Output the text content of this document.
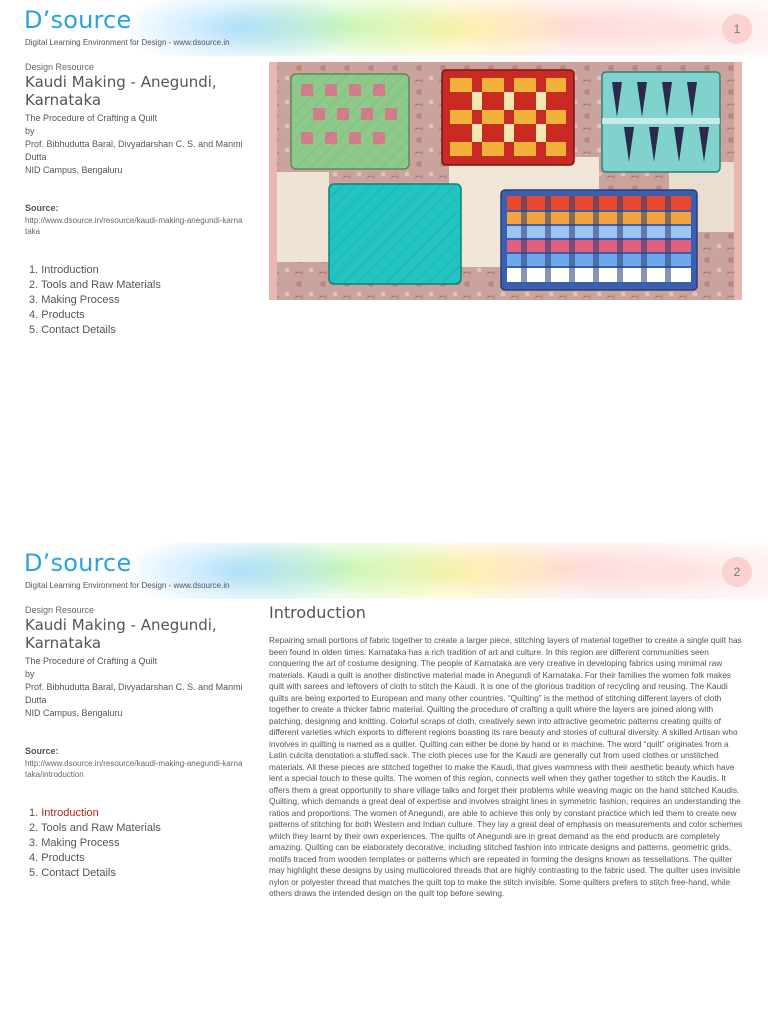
D’source
Digital Learning Environment for Design - www.dsource.in
1
Design Resource
Kaudi Making - Anegundi, Karnataka
The Procedure of Crafting a Quilt
by
Prof. Bibhudutta Baral, Divyadarshan C. S. and Manmi Dutta
NID Campus, Bengaluru
Source:
http://www.dsource.in/resource/kaudi-making-anegundi-karnataka
1. Introduction
2. Tools and Raw Materials
3. Making Process
4. Products
5. Contact Details
D’source
Digital Learning Environment for Design - www.dsource.in
2
Design Resource
Kaudi Making - Anegundi, Karnataka
The Procedure of Crafting a Quilt
by
Prof. Bibhudutta Baral, Divyadarshan C. S. and Manmi Dutta
NID Campus, Bengaluru
Source:
http://www.dsource.in/resource/kaudi-making-anegundi-karnataka/introduction
1. Introduction
2. Tools and Raw Materials
3. Making Process
4. Products
5. Contact Details
Introduction

Repairing small portions of fabric together to create a larger piece, stitching layers of material together to create a single quilt has been found in olden times. Karnataka has a rich tradition of art and culture. In this region are different communities seen conquering the art of costume designing. The people of Karnataka are very creative in developing fabrics using minimal raw materials. Kaudi a quilt is another distinctive material made in Anegundi of Karnataka. For their families the women folk makes quilt with sarees and leftovers of cloth to stitch the Kaudi. It is one of the glorious tradition of recycling and reusing. The Kaudi quilts are being exported to European and many other countries. “Quilting” is the method of stitching different layers of cloth together to create a thicker fabric material. Quilting the procedure of crafting a quilt where the layers are joined along with patching, designing and knitting. Colorful scraps of cloth, creatively sewn into attractive geometric patterns creating quilts of different varieties which exports to different regions boasting its rare beauty and stories of cultural diversity. A skilled Artisan who involves in quilting is named as a quilter. Quilting can either be done by hand or in machine. The word “quilt” originates from a Latin culcita denotation a stuffed sack. The cloth pieces use for the Kaudi are generally cut from used clothes or unstitched materials. All these pieces are stitched together to make the Kaudi, that gives warmness with their aesthetic beauty which have lent a special touch to these quilts. The women of this region, connects well when they gather together to stitch the Kaudis. It offers them a great opportunity to share village talks and forget their problems while weaving magic on the hand stitched Kaudis. Quilting, which demands a great deal of expertise and involves straight lines in symmetric fashion, requires an understanding the ratios and proportions. The women of Anegundi, are able to achieve this only by constant practice which led them to create new patterns of stitching for both Western and Indian culture. They lay a great deal of emphasis on measurements and color schemes which they learnt by their own experiences. The quilts of Anegundi are in great demand as the end products are completely amazing. Quilting can be elaborately decorative, including stitched fashion into intricate designs and patterns, geometric grids, motifs traced from wooden templates or patterns which are repeated in forming the designs known as tessellations. The quilter may highlight these designs by using multicolored threads that are highly contrasting to the fabric used. The quilter uses invisible nylon or polyester thread that matches the quilt top to make the stitch invisible. Some quilters prefers to stitch free-hand, while others draws the intended design on the quilt top before sewing.
